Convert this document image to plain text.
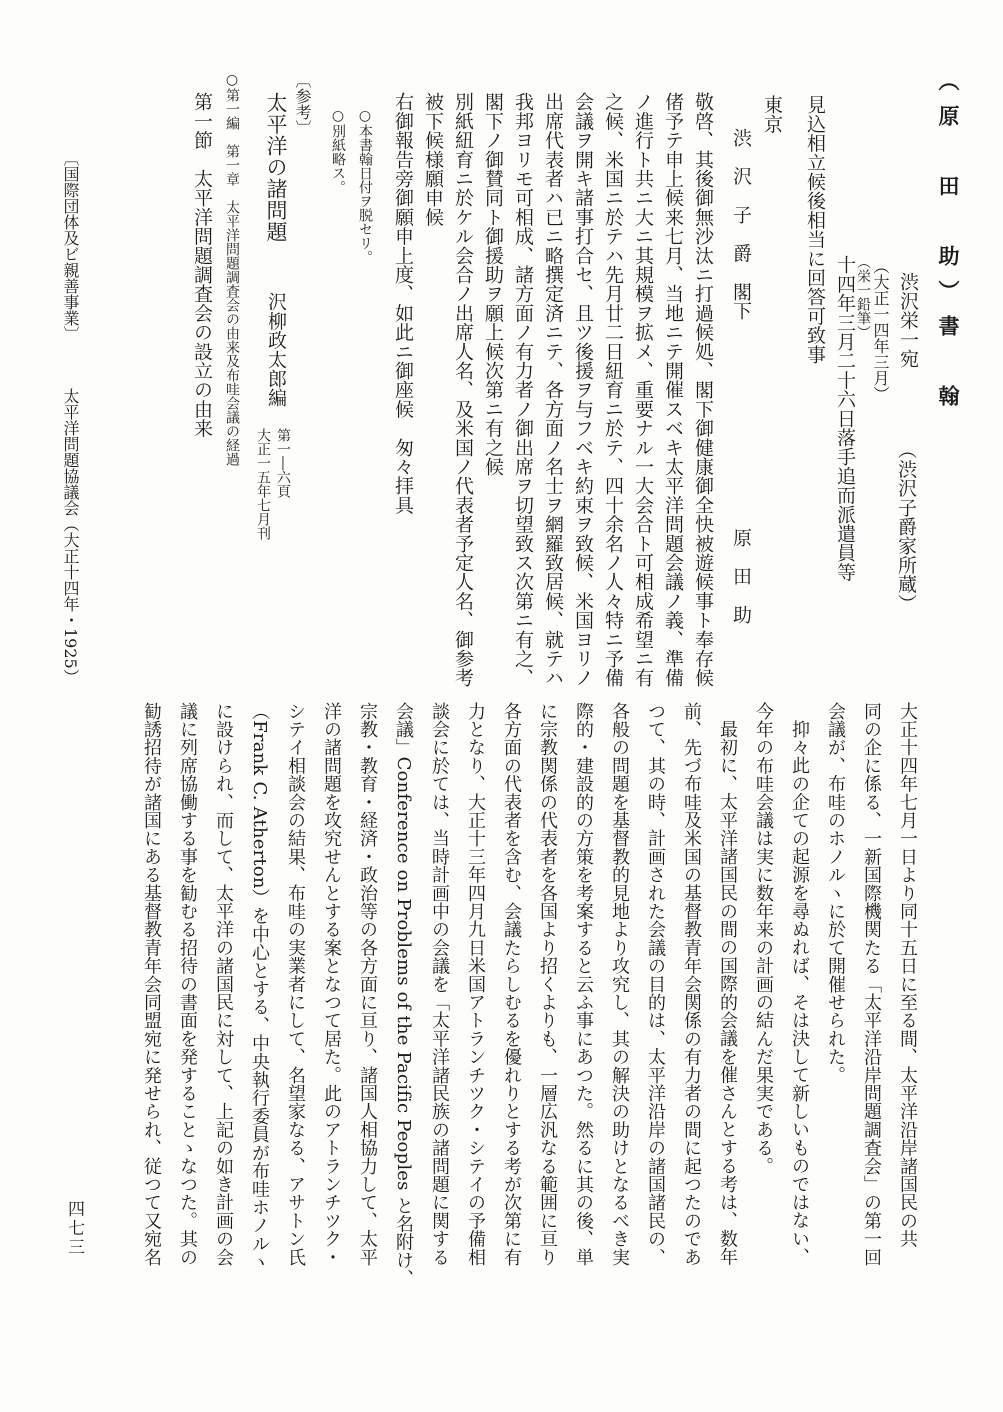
（原　田　助）書　翰
渋沢栄一宛
（大正一四年三月）
（渋沢子爵家所蔵）
（栄一鉛筆）
十四年三月二十六日落手追而派遣員等
見込相立候後相当に回答可致事
東京
渋　沢　子　爵　閣下
原　田　助
敬啓、其後御無沙汰ニ打過候処、閣下御健康御全快被遊候事ト奉存候
偖予テ申上候来七月、当地ニテ開催スベキ太平洋問題会議ノ義、準備
ノ進行ト共ニ大ニ其規模ヲ拡メ、重要ナル一大会合ト可相成希望ニ有
之候、米国ニ於テハ先月廿二日紐育ニ於テ、四十余名ノ人々特ニ予備
会議ヲ開キ諸事打合セ、且ツ後援ヲ与フベキ約束ヲ致候、米国ヨリノ
出席代表者ハ已ニ略撰定済ニテ、各方面ノ名士ヲ網羅致居候、就テハ
我邦ヨリモ可相成、諸方面ノ有力者ノ御出席ヲ切望致ス次第ニ有之、
閣下ノ御賛同ト御援助ヲ願上候次第ニ有之候
別紙紐育ニ於ケル会合ノ出席人名、及米国ノ代表者予定人名、御参考
被下候様願申候
右御報告旁御願申上度、如此ニ御座候　匆々拝具
○本書翰日付ヲ脱セリ。
○別紙略ス。
〔参考〕
太平洋の諸問題
沢柳政太郎編
第一―六頁
大正一五年七月刊
○第一編　第一章　太平洋問題調査会の由来及布哇会議の経過
第一節　太平洋問題調査会の設立の由来
〔国際団体及ビ親善事業〕
太平洋問題協議会（大正十四年・1925）
大正十四年七月一日より同十五日に至る間、太平洋沿岸諸国民の共
同の企に係る、一新国際機関たる「太平洋沿岸問題調査会」の第一回
会議が、布哇のホノルヽに於て開催せられた。
抑々此の企ての起源を尋ぬれば、そは決して新しいものではない、
今年の布哇会議は実に数年来の計画の結んだ果実である。
最初に、太平洋諸国民の間の国際的会議を催さんとする考は、数年
前、先づ布哇及米国の基督教青年会関係の有力者の間に起つたのであ
つて、其の時、計画された会議の目的は、太平洋沿岸の諸国諸民の、
各般の問題を基督教的見地より攻究し、其の解決の助けとなるべき実
際的・建設的の方策を考案すると云ふ事にあつた。然るに其の後、単
に宗教関係の代表者を各国より招くよりも、一層広汎なる範囲に亘り
各方面の代表者を含む、会議たらしむるを優れりとする考が次第に有
力となり、大正十三年四月九日米国アトランチツク・シテイの予備相
談会に於ては、当時計画中の会議を「太平洋諸民族の諸問題に関する
会議」Conference on Problems of the Pacific Peoples と名附け、
宗教・教育・経済・政治等の各方面に亘り、諸国人相協力して、太平
洋の諸問題を攻究せんとする案となつて居た。此のアトランチツク・
シテイ相談会の結果、布哇の実業者にして、名望家なる、アサトン氏
（Frank C. Atherton）を中心とする、中央執行委員が布哇ホノルヽ
に設けられ、而して、太平洋の諸国民に対して、上記の如き計画の会
議に列席協働する事を勧むる招待の書面を発することゝなつた。其の
勧誘招待が諸国にある基督教青年会同盟宛に発せられ、従つて又宛名
四七三
